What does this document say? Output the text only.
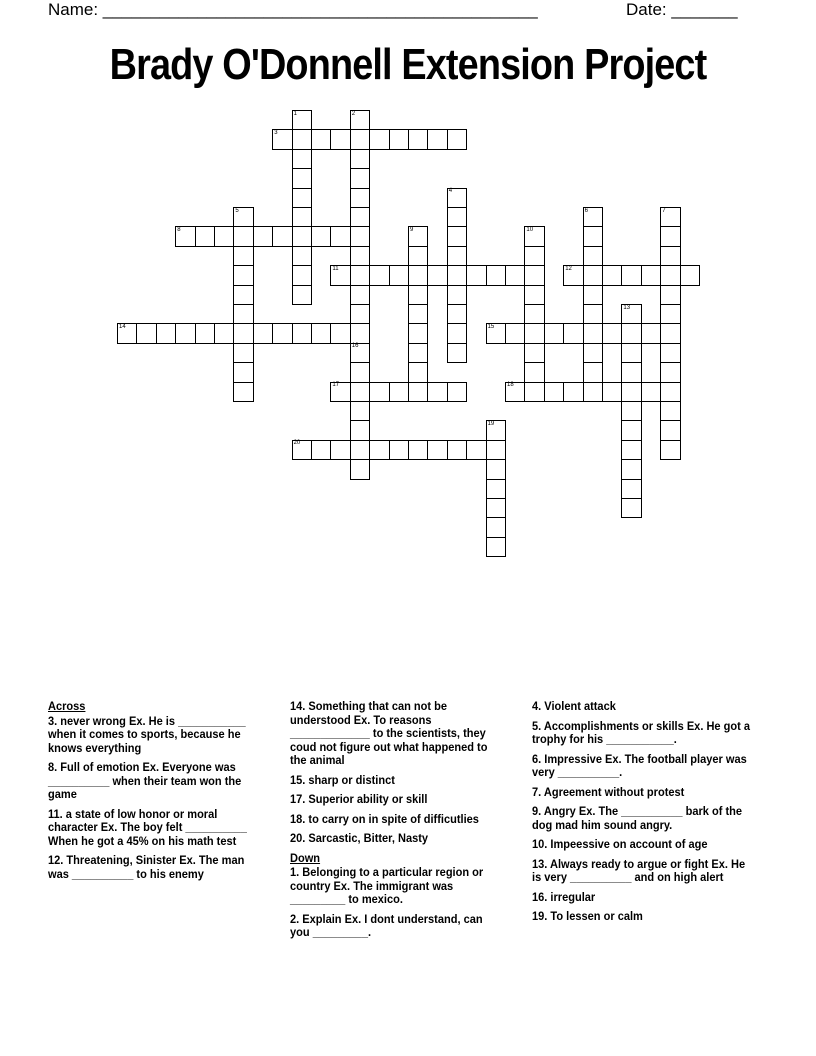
Name: ______________________________________________	Date: _______
Brady O'Donnell Extension Project
3
8
11	12
14	15
17	18
20
1	2
4
5	6	7
9	10
13
16
19
Across
3. never wrong Ex. He is ___________ when it comes to sports, because he knows everything
8. Full of emotion Ex. Everyone was __________ when their team won the game
11. a state of low honor or moral character Ex. The boy felt __________ When he got a 45% on his math test
12. Threatening, Sinister Ex. The man was __________ to his enemy
14. Something that can not be understood Ex. To reasons _____________ to the scientists, they coud not figure out what happened to the animal
15. sharp or distinct
17. Superior ability or skill
18. to carry on in spite of difficutlies
20. Sarcastic, Bitter, Nasty
Down
1. Belonging to a particular region or country Ex. The immigrant was _________ to mexico.
2. Explain Ex. I dont understand, can you _________.
4. Violent attack
5. Accomplishments or skills Ex. He got a trophy for his ___________.
6. Impressive Ex. The football player was very __________.
7. Agreement without protest
9. Angry Ex. The __________ bark of the dog mad him sound angry.
10. Impeessive on account of age
13. Always ready to argue or fight Ex. He is very __________ and on high alert
16. irregular
19. To lessen or calm
